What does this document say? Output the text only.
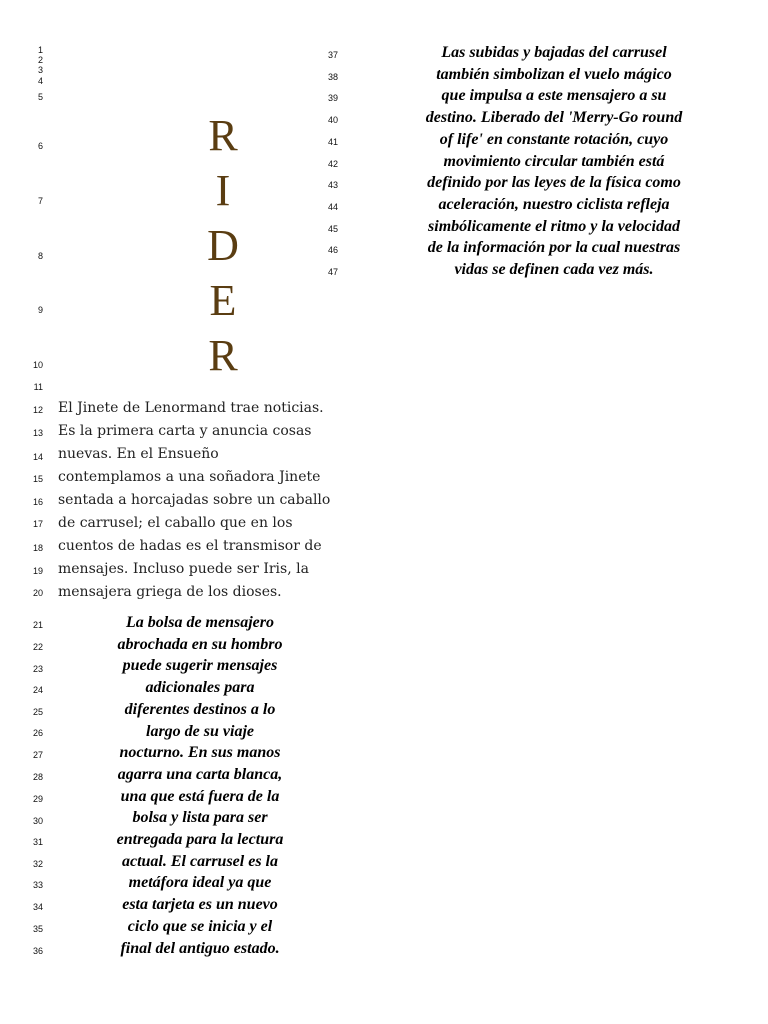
1
2
3
4
5
6
7
8
9
10
11
12
13
14
15
16
17
18
19
20
21
22
23
24
25
26
27
28
29
30
31
32
33
34
35
36
37
38
39
40
41
42
43
44
45
46
47
R
I
D
E
R
El Jinete de Lenormand trae noticias.
Es la primera carta y anuncia cosas
nuevas. En el Ensueño
contemplamos a una soñadora Jinete
sentada a horcajadas sobre un caballo
de carrusel; el caballo que en los
cuentos de hadas es el transmisor de
mensajes. Incluso puede ser Iris, la
mensajera griega de los dioses.
La bolsa de mensajero
abrochada en su hombro
puede sugerir mensajes
adicionales para
diferentes destinos a lo
largo de su viaje
nocturno. En sus manos
agarra una carta blanca,
una que está fuera de la
bolsa y lista para ser
entregada para la lectura
actual. El carrusel es la
metáfora ideal ya que
esta tarjeta es un nuevo
ciclo que se inicia y el
final del antiguo estado.
Las subidas y bajadas del carrusel
también simbolizan el vuelo mágico
que impulsa a este mensajero a su
destino. Liberado del 'Merry-Go round
of life' en constante rotación, cuyo
movimiento circular también está
definido por las leyes de la física como
aceleración, nuestro ciclista refleja
simbólicamente el ritmo y la velocidad
de la información por la cual nuestras
vidas se definen cada vez más.
